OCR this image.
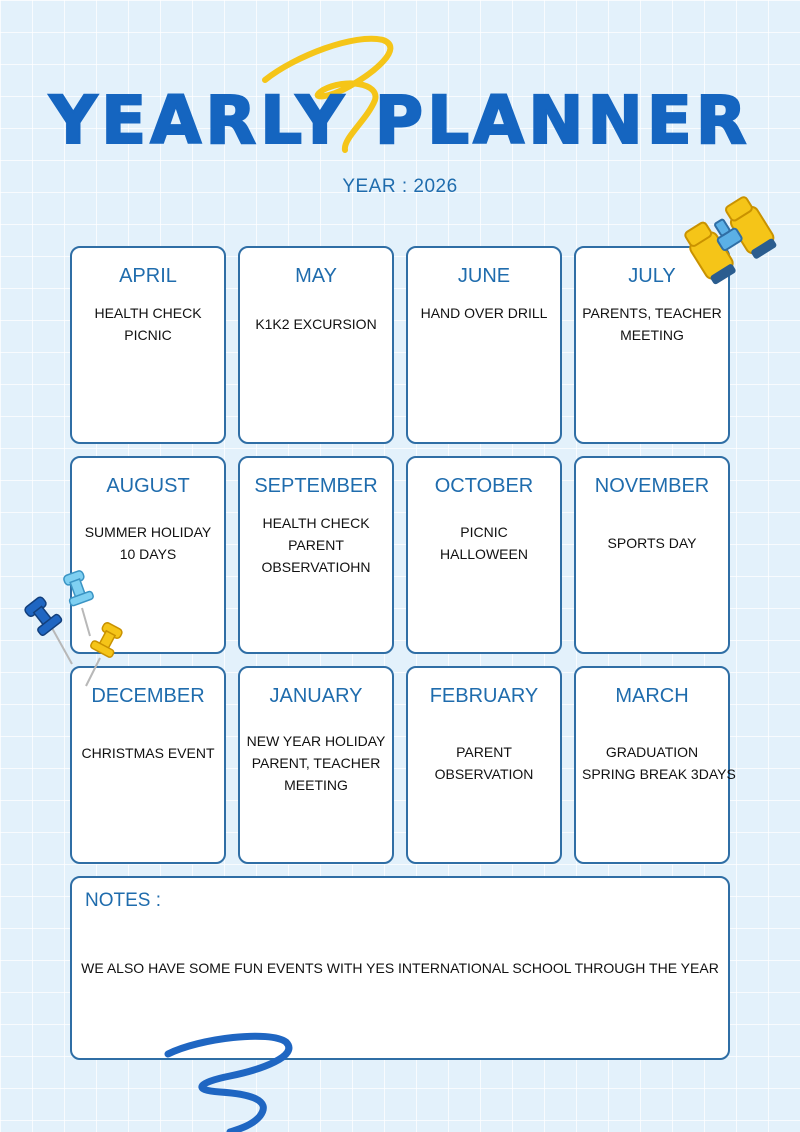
YEARLY PLANNER
YEAR : 2026
APRIL
HEALTH CHECK
PICNIC
MAY
K1K2 EXCURSION
JUNE
HAND OVER DRILL
JULY
PARENTS, TEACHER
MEETING
AUGUST
SUMMER HOLIDAY
10 DAYS
SEPTEMBER
HEALTH CHECK
PARENT
OBSERVATIOHN
OCTOBER
PICNIC
HALLOWEEN
NOVEMBER
SPORTS DAY
DECEMBER
CHRISTMAS EVENT
JANUARY
NEW YEAR HOLIDAY
PARENT, TEACHER
MEETING
FEBRUARY
PARENT
OBSERVATION
MARCH
GRADUATION
SPRING BREAK 3DAYS
NOTES :
WE ALSO HAVE SOME FUN EVENTS WITH YES INTERNATIONAL SCHOOL THROUGH THE YEAR
